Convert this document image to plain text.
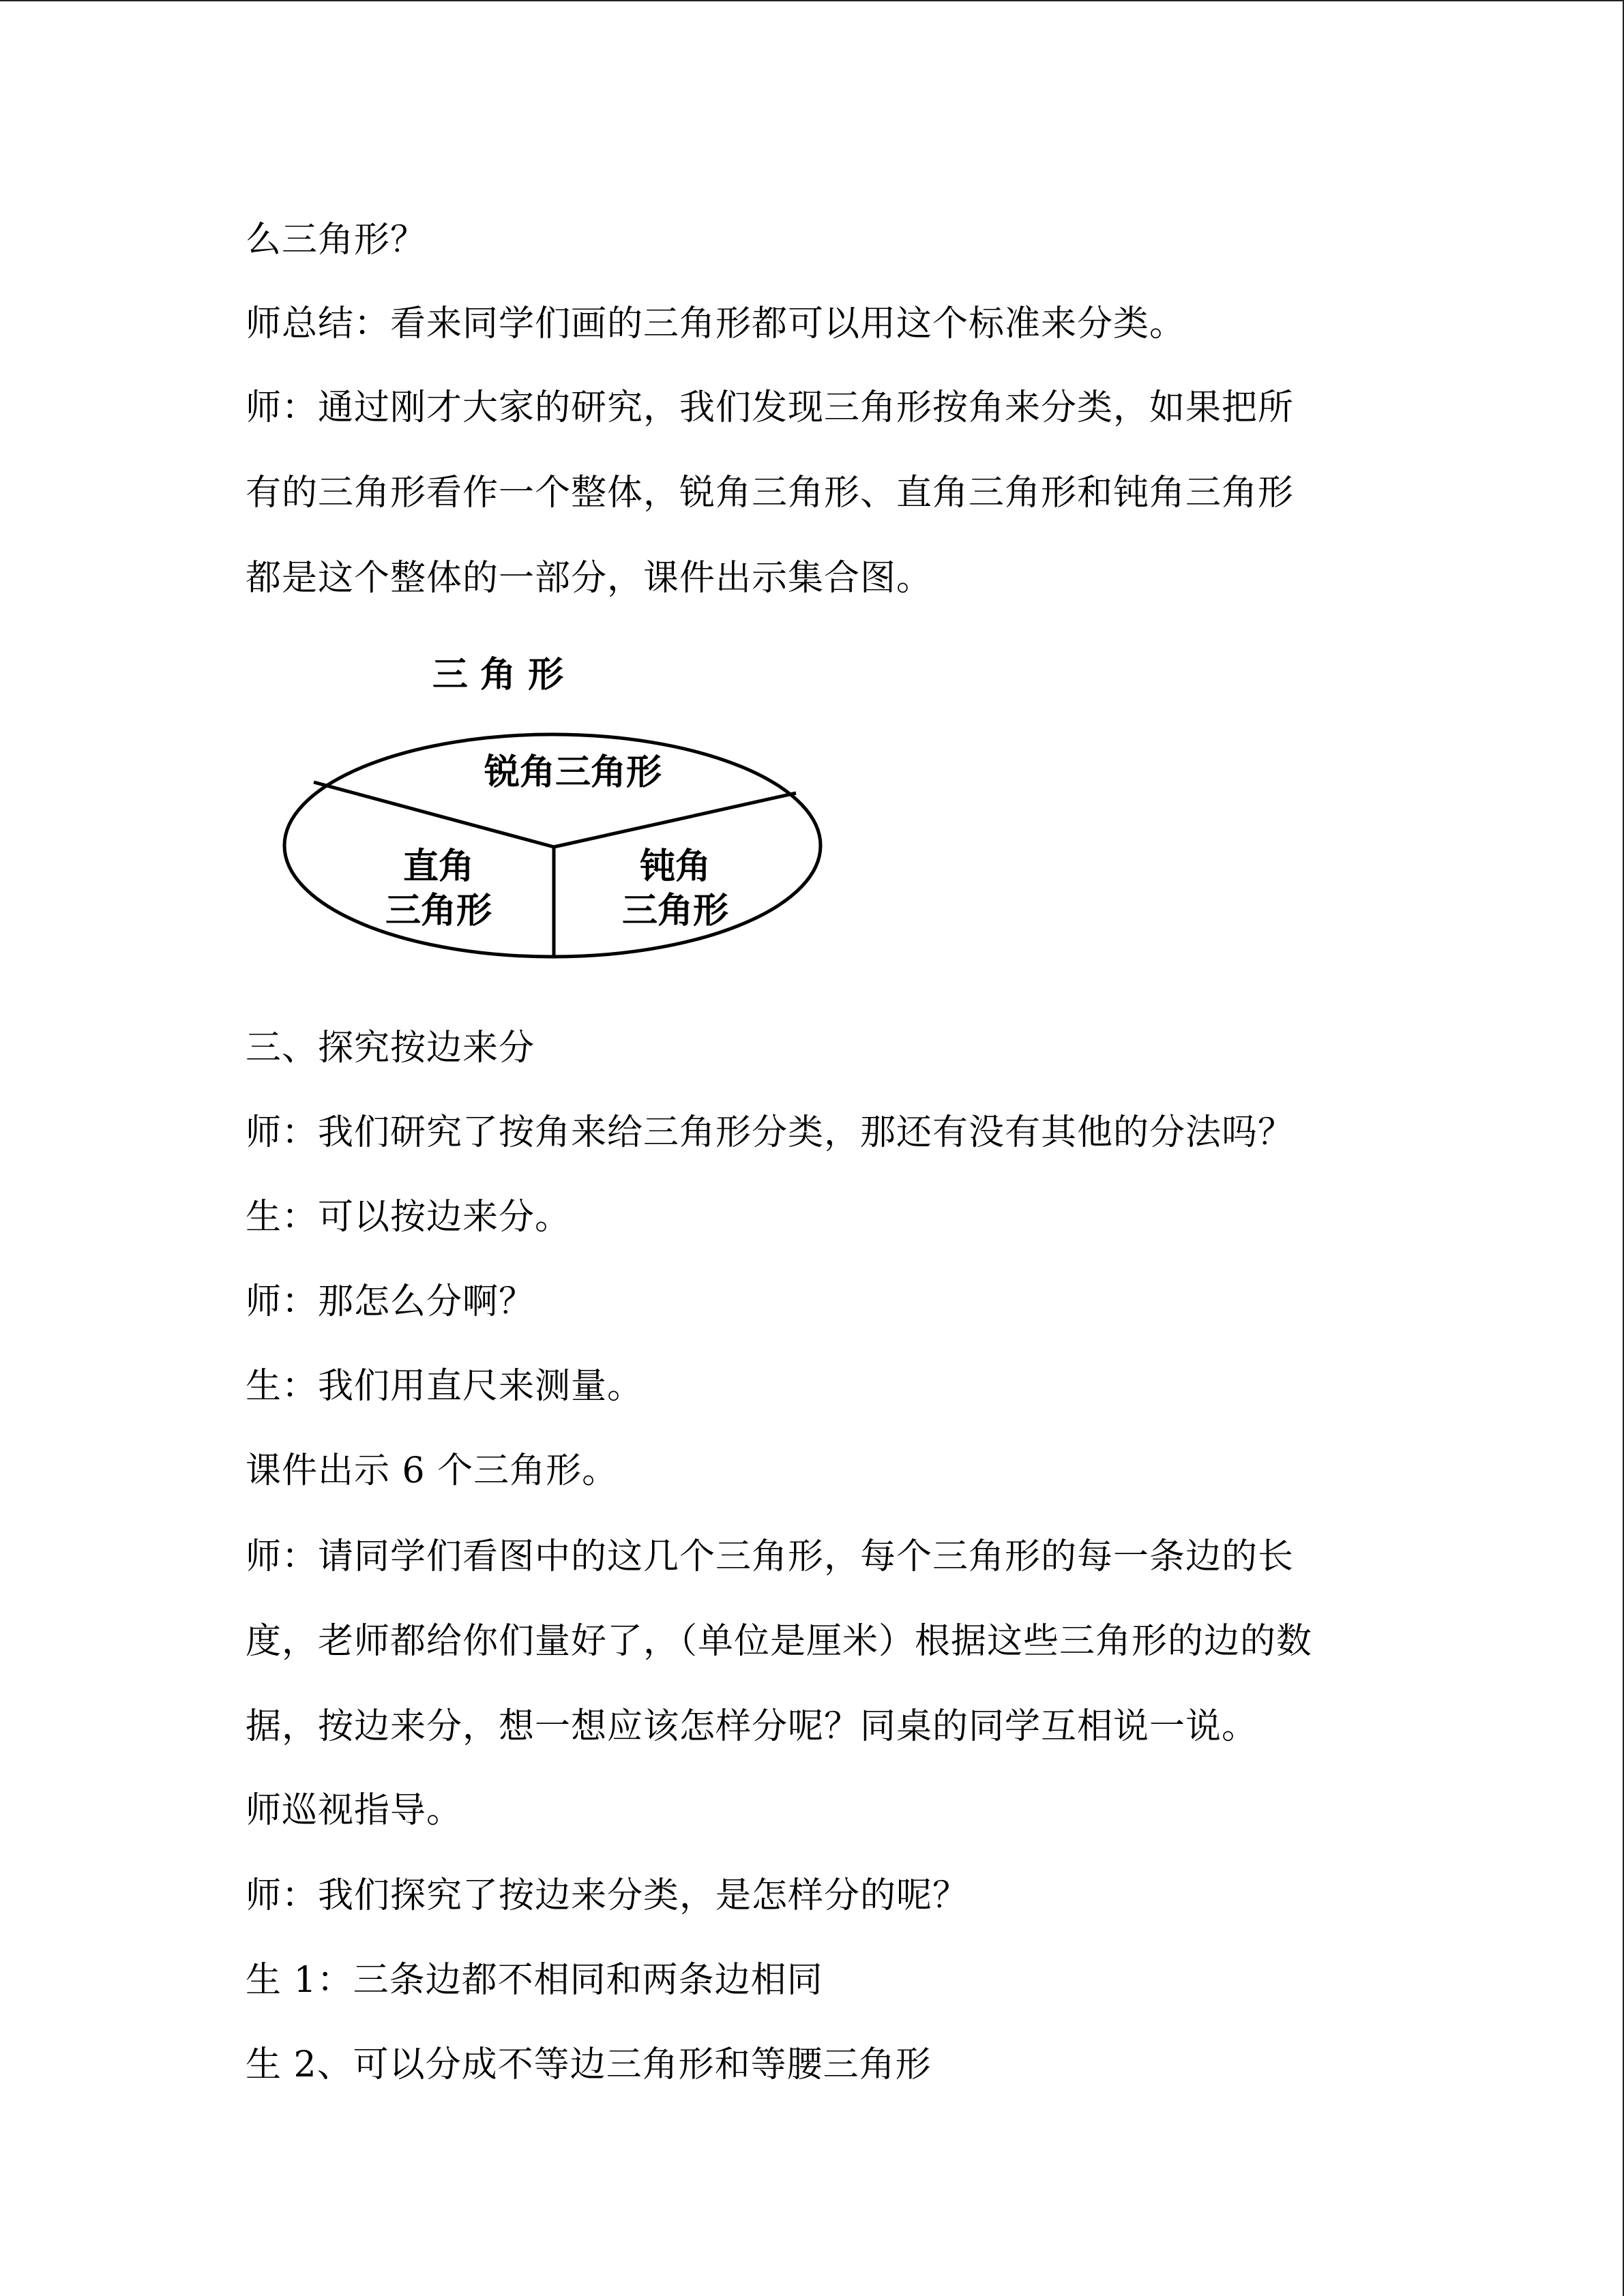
么三角形？
师总结：看来同学们画的三角形都可以用这个标准来分类。
师：通过刚才大家的研究，我们发现三角形按角来分类，如果把所
有的三角形看作一个整体，锐角三角形、直角三角形和钝角三角形
都是这个整体的一部分，课件出示集合图。
三 角 形
锐角三角形
直角
三角形
钝角
三角形
三、探究按边来分
师：我们研究了按角来给三角形分类，那还有没有其他的分法吗？
生：可以按边来分。
师：那怎么分啊？
生：我们用直尺来测量。
课件出示 6 个三角形。
师：请同学们看图中的这几个三角形，每个三角形的每一条边的长
度，老师都给你们量好了，（单位是厘米）根据这些三角形的边的数
据，按边来分，想一想应该怎样分呢？同桌的同学互相说一说。
师巡视指导。
师：我们探究了按边来分类，是怎样分的呢？
生 1：三条边都不相同和两条边相同
生 2、可以分成不等边三角形和等腰三角形
